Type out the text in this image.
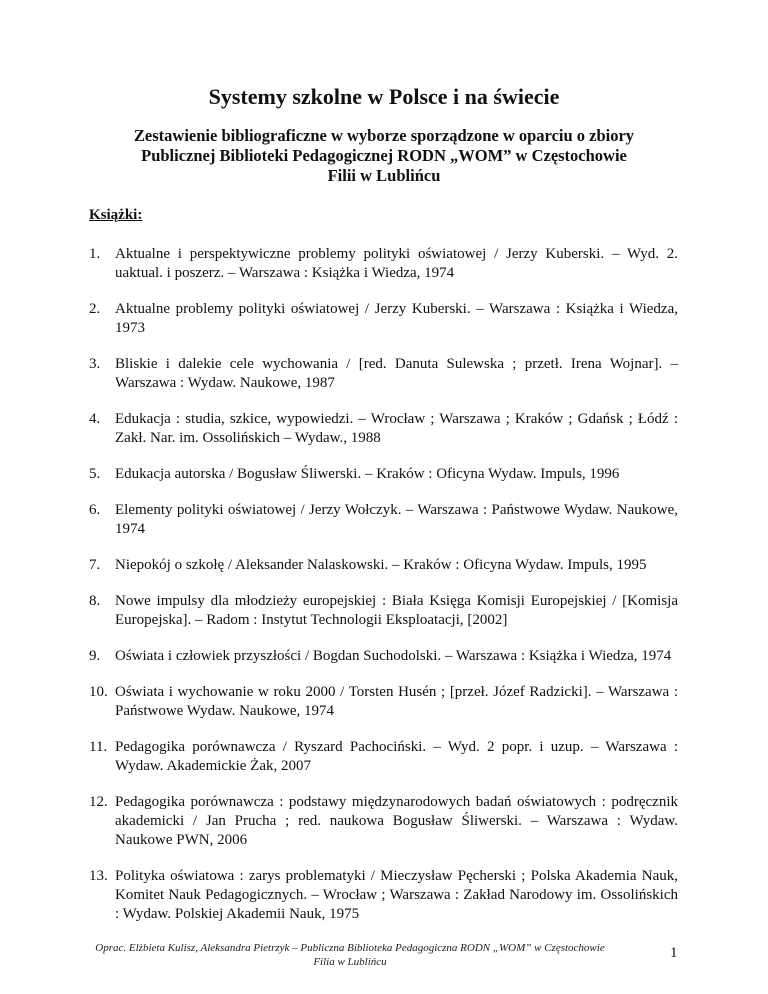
Systemy szkolne w Polsce i na świecie
Zestawienie bibliograficzne w wyborze sporządzone w oparciu o zbiory
Publicznej Biblioteki Pedagogicznej RODN „WOM” w Częstochowie
Filii w Lublińcu
Książki:
1. Aktualne i perspektywiczne problemy polityki oświatowej / Jerzy Kuberski. – Wyd. 2. uaktual. i poszerz. – Warszawa : Książka i Wiedza, 1974
2. Aktualne problemy polityki oświatowej / Jerzy Kuberski. – Warszawa : Książka i Wiedza, 1973
3. Bliskie i dalekie cele wychowania / [red. Danuta Sulewska ; przetł. Irena Wojnar]. – Warszawa : Wydaw. Naukowe, 1987
4. Edukacja : studia, szkice, wypowiedzi. – Wrocław ; Warszawa ; Kraków ; Gdańsk ; Łódź : Zakł. Nar. im. Ossolińskich – Wydaw., 1988
5. Edukacja autorska / Bogusław Śliwerski. – Kraków : Oficyna Wydaw. Impuls, 1996
6. Elementy polityki oświatowej / Jerzy Wołczyk. – Warszawa : Państwowe Wydaw. Naukowe, 1974
7. Niepokój o szkołę / Aleksander Nalaskowski. – Kraków : Oficyna Wydaw. Impuls, 1995
8. Nowe impulsy dla młodzieży europejskiej : Biała Księga Komisji Europejskiej / [Komisja Europejska]. – Radom : Instytut Technologii Eksploatacji, [2002]
9. Oświata i człowiek przyszłości / Bogdan Suchodolski. – Warszawa : Książka i Wiedza, 1974
10. Oświata i wychowanie w roku 2000 / Torsten Husén ; [przeł. Józef Radzicki]. – Warszawa : Państwowe Wydaw. Naukowe, 1974
11. Pedagogika porównawcza / Ryszard Pachociński. – Wyd. 2 popr. i uzup. – Warszawa : Wydaw. Akademickie Żak, 2007
12. Pedagogika porównawcza : podstawy międzynarodowych badań oświatowych : podręcznik akademicki / Jan Prucha ; red. naukowa Bogusław Śliwerski. – Warszawa : Wydaw. Naukowe PWN, 2006
13. Polityka oświatowa : zarys problematyki / Mieczysław Pęcherski ; Polska Akademia Nauk, Komitet Nauk Pedagogicznych. – Wrocław ; Warszawa : Zakład Narodowy im. Ossolińskich : Wydaw. Polskiej Akademii Nauk, 1975
Oprac. Elżbieta Kulisz, Aleksandra Pietrzyk – Publiczna Biblioteka Pedagogiczna RODN „WOM” w Częstochowie Filia w Lublińcu
1
